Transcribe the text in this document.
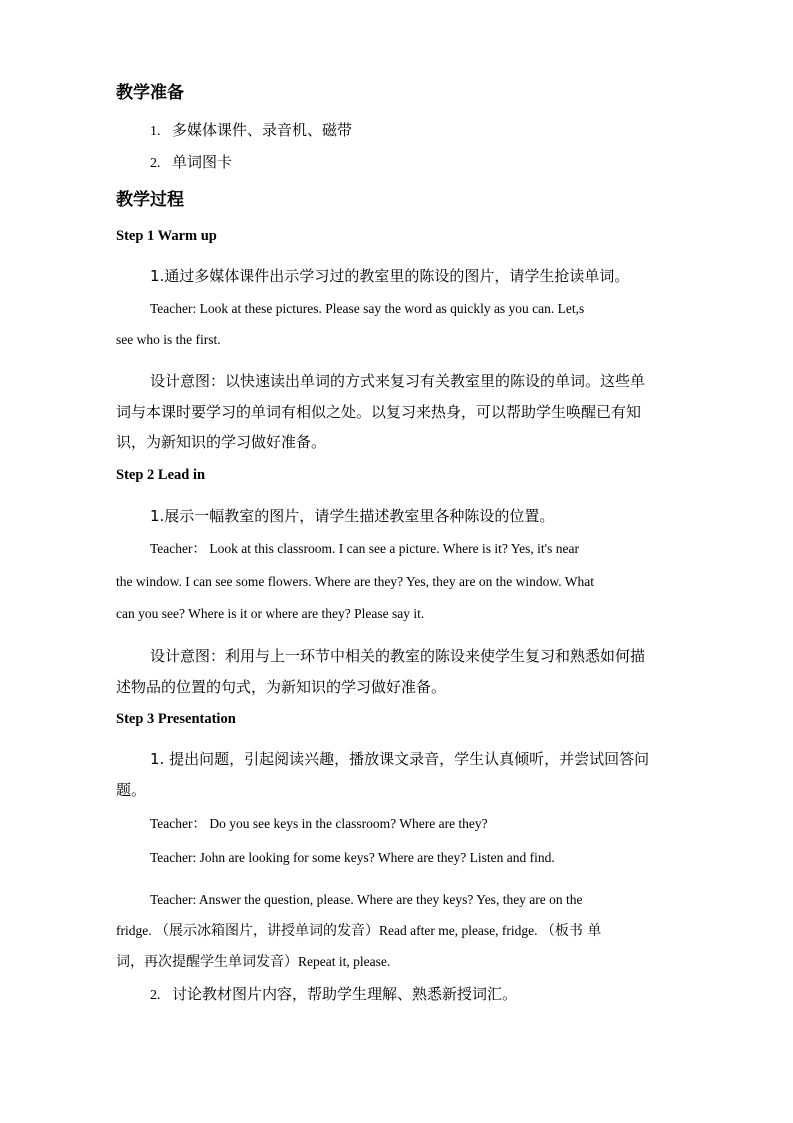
教学准备
1. 多媒体课件、录音机、磁带
2. 单词图卡
教学过程
Step 1 Warm up
1.通过多媒体课件出示学习过的教室里的陈设的图片，请学生抢读单词。
Teacher: Look at these pictures. Please say the word as quickly as you can. Let,s
see who is the first.
设计意图：以快速读出单词的方式来复习有关教室里的陈设的单词。这些单
词与本课时要学习的单词有相似之处。以复习来热身，可以帮助学生唤醒已有知
识，为新知识的学习做好准备。
Step 2 Lead in
1.展示一幅教室的图片，请学生描述教室里各种陈设的位置。
Teacher： Look at this classroom. I can see a picture. Where is it? Yes, it's near
the window. I can see some flowers. Where are they? Yes, they are on the window. What
can you see? Where is it or where are they? Please say it.
设计意图：利用与上一环节中相关的教室的陈设来使学生复习和熟悉如何描
述物品的位置的句式，为新知识的学习做好准备。
Step 3 Presentation
1. 提出问题，引起阅读兴趣，播放课文录音，学生认真倾听，并尝试回答问
题。
Teacher： Do you see keys in the classroom? Where are they?
Teacher: John are looking for some keys? Where are they? Listen and find.
Teacher: Answer the question, please. Where are they keys? Yes, they are on the
fridge. （展示冰箱图片，讲授单词的发音）Read after me, please, fridge. （板书 单
词，再次提醒学生单词发音）Repeat it, please.
2. 讨论教材图片内容，帮助学生理解、熟悉新授词汇。
